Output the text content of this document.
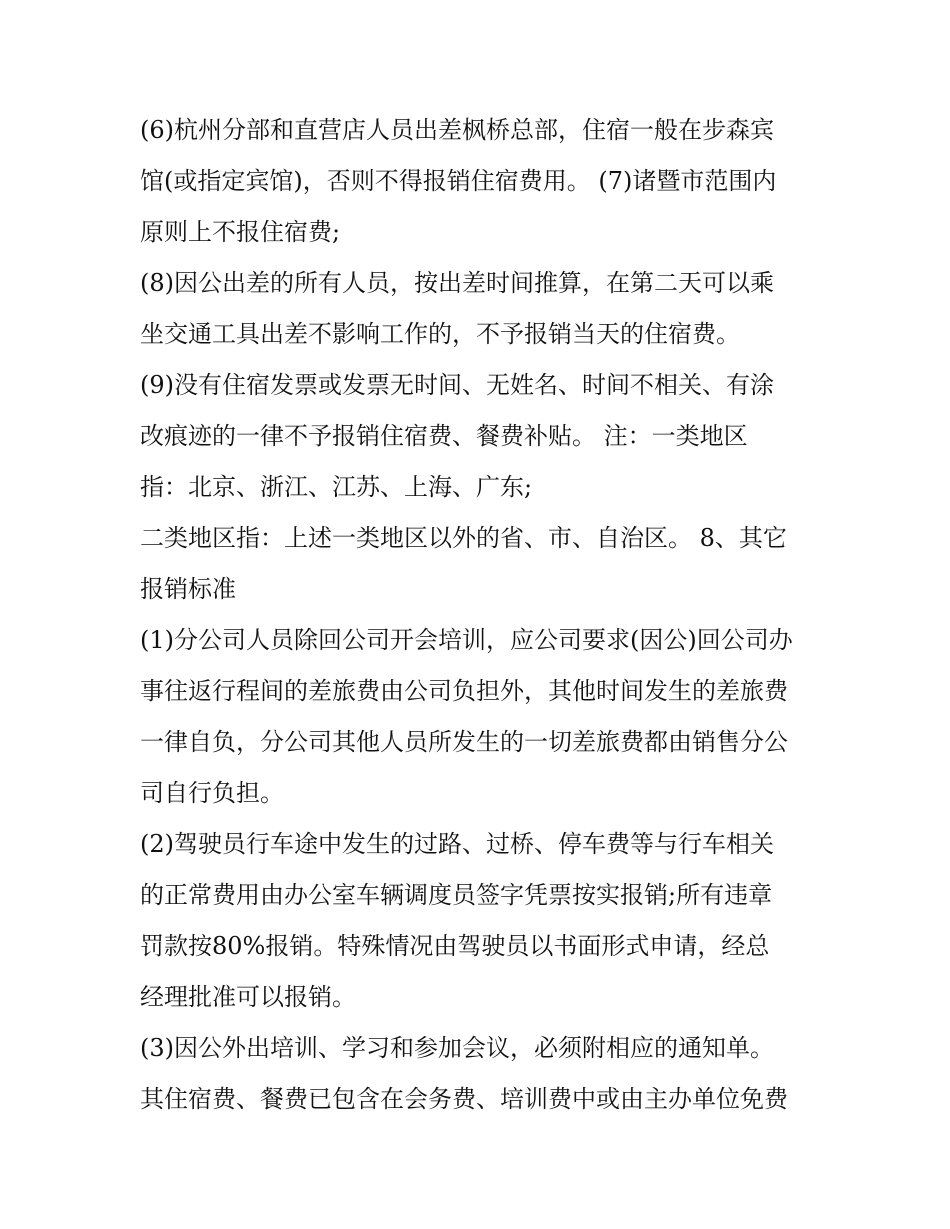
(6)杭州分部和直营店人员出差枫桥总部，住宿一般在步森宾

馆(或指定宾馆)，否则不得报销住宿费用。 (7)诸暨市范围内

原则上不报住宿费;

(8)因公出差的所有人员，按出差时间推算，在第二天可以乘

坐交通工具出差不影响工作的，不予报销当天的住宿费。

(9)没有住宿发票或发票无时间、无姓名、时间不相关、有涂

改痕迹的一律不予报销住宿费、餐费补贴。 注：一类地区

指：北京、浙江、江苏、上海、广东;

二类地区指：上述一类地区以外的省、市、自治区。 8、其它

报销标准

(1)分公司人员除回公司开会培训，应公司要求(因公)回公司办

事往返行程间的差旅费由公司负担外，其他时间发生的差旅费

一律自负，分公司其他人员所发生的一切差旅费都由销售分公

司自行负担。

(2)驾驶员行车途中发生的过路、过桥、停车费等与行车相关

的正常费用由办公室车辆调度员签字凭票按实报销;所有违章

罚款按80%报销。特殊情况由驾驶员以书面形式申请，经总

经理批准可以报销。

(3)因公外出培训、学习和参加会议，必须附相应的通知单。

其住宿费、餐费已包含在会务费、培训费中或由主办单位免费
